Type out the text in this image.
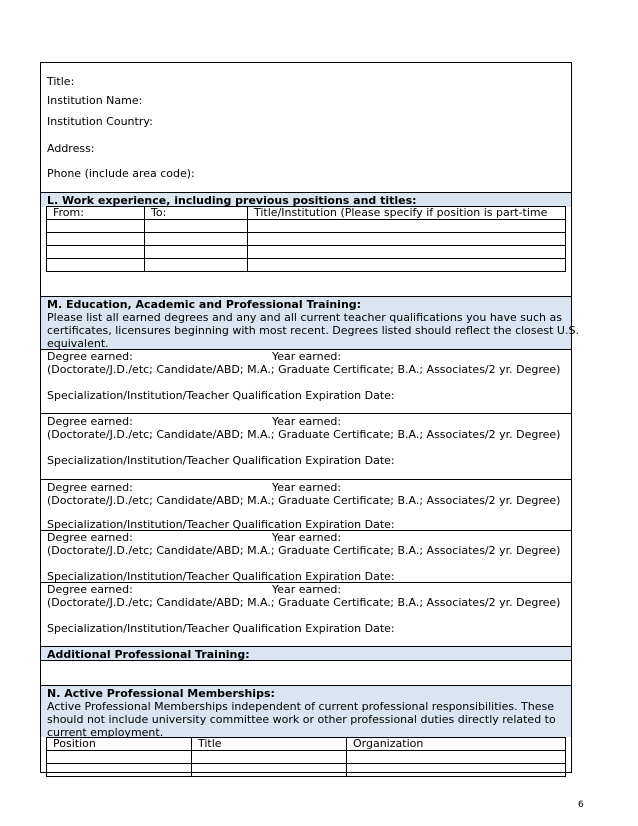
Title:
Institution Name:
Institution Country:
Address:
Phone (include area code):
L. Work experience, including previous positions and titles:
From:	To:	Title/Institution (Please specify if position is part-time

M. Education, Academic and Professional Training:
Please list all earned degrees and any and all current teacher qualifications you have such as
certificates, licensures beginning with most recent. Degrees listed should reflect the closest U.S.
equivalent.
Degree earned:	Year earned:
(Doctorate/J.D./etc; Candidate/ABD; M.A.; Graduate Certificate; B.A.; Associates/2 yr. Degree)
Specialization/Institution/Teacher Qualification Expiration Date:
Degree earned:	Year earned:
(Doctorate/J.D./etc; Candidate/ABD; M.A.; Graduate Certificate; B.A.; Associates/2 yr. Degree)
Specialization/Institution/Teacher Qualification Expiration Date:
Degree earned:	Year earned:
(Doctorate/J.D./etc; Candidate/ABD; M.A.; Graduate Certificate; B.A.; Associates/2 yr. Degree)
Specialization/Institution/Teacher Qualification Expiration Date:
Degree earned:	Year earned:
(Doctorate/J.D./etc; Candidate/ABD; M.A.; Graduate Certificate; B.A.; Associates/2 yr. Degree)
Specialization/Institution/Teacher Qualification Expiration Date:
Degree earned:	Year earned:
(Doctorate/J.D./etc; Candidate/ABD; M.A.; Graduate Certificate; B.A.; Associates/2 yr. Degree)
Specialization/Institution/Teacher Qualification Expiration Date:
Additional Professional Training:
N. Active Professional Memberships:
Active Professional Memberships independent of current professional responsibilities. These
should not include university committee work or other professional duties directly related to
current employment.
Position	Title	Organization

6
